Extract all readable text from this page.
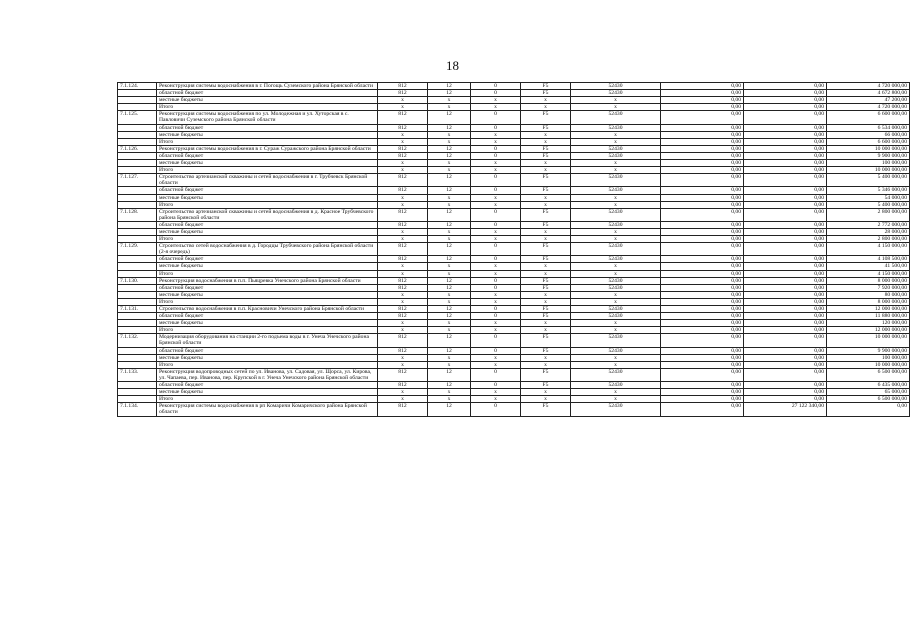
18
7.1.124.	Реконструкция системы водоснабжения в г. Погощь Суземского района Брянской области	812	12	0	F5	52430	0,00	0,00	4 720 000,00
	областной бюджет	812	12	0	F5	52430	0,00	0,00	4 672 800,00
	местные бюджеты	x	x	x	x	x	0,00	0,00	47 200,00
	Итого	x	x	x	x	x	0,00	0,00	4 720 000,00
7.1.125.	Реконструкция системы водоснабжения по ул. Молодежная и ул. Хуторская в с. Павловичи Суземского района Брянской области	812	12	0	F5	52430	0,00	0,00	6 600 000,00
	областной бюджет	812	12	0	F5	52430	0,00	0,00	6 534 000,00
	местные бюджеты	x	x	x	x	x	0,00	0,00	66 000,00
	Итого	x	x	x	x	x	0,00	0,00	6 600 000,00
7.1.126.	Реконструкция системы водоснабжения в г. Сураж Суражского района Брянской области	812	12	0	F5	52430	0,00	0,00	10 000 000,00
	областной бюджет	812	12	0	F5	52430	0,00	0,00	9 900 000,00
	местные бюджеты	x	x	x	x	x	0,00	0,00	100 000,00
	Итого	x	x	x	x	x	0,00	0,00	10 000 000,00
7.1.127.	Строительство артезианской скважины и сетей водоснабжения в г. Трубчевск Брянской области	812	12	0	F5	52430	0,00	0,00	5 400 000,00
	областной бюджет	812	12	0	F5	52430	0,00	0,00	5 346 000,00
	местные бюджеты	x	x	x	x	x	0,00	0,00	54 000,00
	Итого	x	x	x	x	x	0,00	0,00	5 400 000,00
7.1.128.	Строительство артезианской скважины и сетей водоснабжения в д. Красное Трубчевского района Брянской области	812	12	0	F5	52430	0,00	0,00	2 800 000,00
	областной бюджет	812	12	0	F5	52430	0,00	0,00	2 772 000,00
	местные бюджеты	x	x	x	x	x	0,00	0,00	28 000,00
	Итого	x	x	x	x	x	0,00	0,00	2 800 000,00
7.1.129.	Строительство сетей водоснабжения в д. Городцы Трубчевского района Брянской области (2-я очередь)	812	12	0	F5	52430	0,00	0,00	4 150 000,00
	областной бюджет	812	12	0	F5	52430	0,00	0,00	4 108 500,00
	местные бюджеты	x	x	x	x	x	0,00	0,00	41 500,00
	Итого	x	x	x	x	x	0,00	0,00	4 150 000,00
7.1.130.	Реконструкция водоснабжения в п.п. Пьяцревка Унечского района Брянской области	812	12	0	F5	52430	0,00	0,00	8 000 000,00
	областной бюджет	812	12	0	F5	52430	0,00	0,00	7 920 000,00
	местные бюджеты	x	x	x	x	x	0,00	0,00	80 000,00
	Итого	x	x	x	x	x	0,00	0,00	8 000 000,00
7.1.131.	Строительство водоснабжения в п.п. Красновичи Унечского района Брянской области	812	12	0	F5	52430	0,00	0,00	12 000 000,00
	областной бюджет	812	12	0	F5	52430	0,00	0,00	11 880 000,00
	местные бюджеты	x	x	x	x	x	0,00	0,00	120 000,00
	Итого	x	x	x	x	x	0,00	0,00	12 000 000,00
7.1.132.	Модернизация оборудования на станции 2-го подъема воды в г. Унеча Унечского района Брянской области	812	12	0	F5	52430	0,00	0,00	10 000 000,00
	областной бюджет	812	12	0	F5	52430	0,00	0,00	9 900 000,00
	местные бюджеты	x	x	x	x	x	0,00	0,00	100 000,00
	Итого	x	x	x	x	x	0,00	0,00	10 000 000,00
7.1.133.	Реконструкция водопроводных сетей по ул. Иванова, ул. Садовая, ул. Щорса, ул. Кирова, ул. Чапаева, пер. Иванова, пер. Крупской в г. Унеча Унечского района Брянской области	812	12	0	F5	52430	0,00	0,00	6 500 000,00
	областной бюджет	812	12	0	F5	52430	0,00	0,00	6 435 000,00
	местные бюджеты	x	x	x	x	x	0,00	0,00	65 000,00
	Итого	x	x	x	x	x	0,00	0,00	6 500 000,00
7.1.134.	Реконструкция системы водоснабжения в рп Комаричи Комаричского района Брянской области	812	12	0	F5	52430	0,00	27 122 340,00	0,00
